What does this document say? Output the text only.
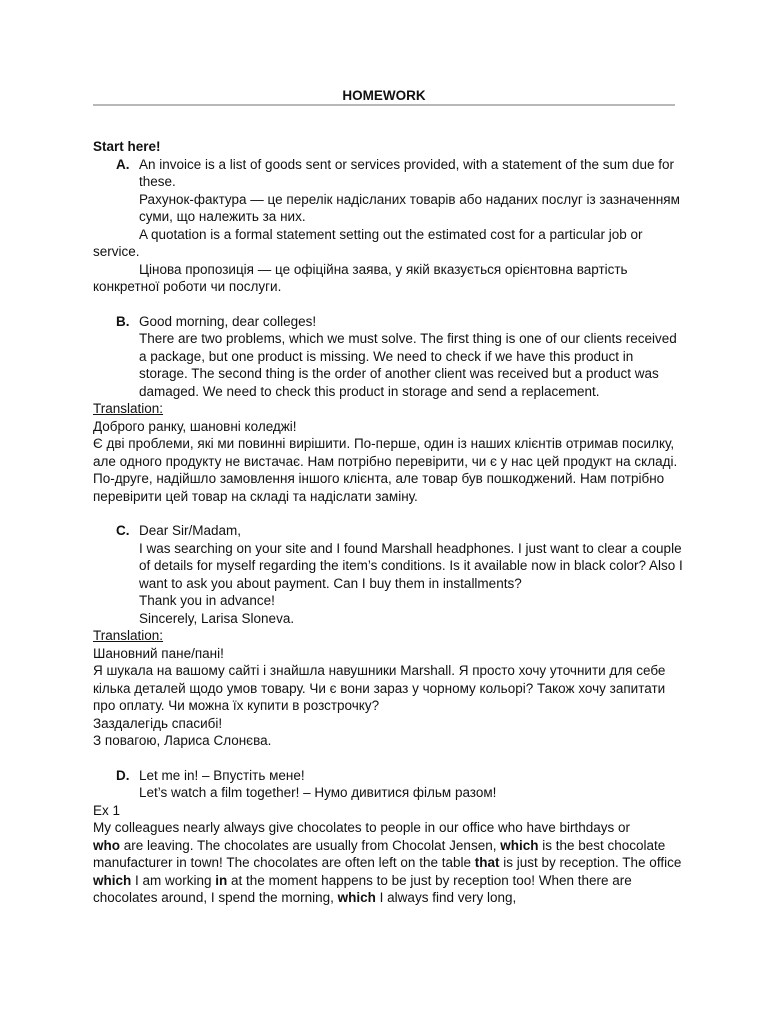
HOMEWORK

Start here!

A. An invoice is a list of goods sent or services provided, with a statement of the sum due for these.

Рахунок-фактура — це перелік надісланих товарів або наданих послуг із зазначенням суми, що належить за них.

A quotation is a formal statement setting out the estimated cost for a particular job or
service.

Цінова пропозиція — це офіційна заява, у якій вказується орієнтовна вартість
конкретної роботи чи послуги.

B. Good morning, dear colleges!

There are two problems, which we must solve. The first thing is one of our clients received a package, but one product is missing. We need to check if we have this product in storage. The second thing is the order of another client was received but a product was damaged. We need to check this product in storage and send a replacement.

Translation:

Доброго ранку, шановні коледжі!

Є дві проблеми, які ми повинні вирішити. По-перше, один із наших клієнтів отримав посилку, але одного продукту не вистачає. Нам потрібно перевірити, чи є у нас цей продукт на складі. По-друге, надійшло замовлення іншого клієнта, але товар був пошкоджений. Нам потрібно перевірити цей товар на складі та надіслати заміну.

C. Dear Sir/Madam,

I was searching on your site and I found Marshall headphones. I just want to clear a couple of details for myself regarding the item’s conditions. Is it available now in black color? Also I want to ask you about payment. Can I buy them in installments?

Thank you in advance!

Sincerely, Larisa Sloneva.

Translation:

Шановний пане/пані!

Я шукала на вашому сайті і знайшла навушники Marshall. Я просто хочу уточнити для себе кілька деталей щодо умов товару. Чи є вони зараз у чорному кольорі? Також хочу запитати про оплату. Чи можна їх купити в розстрочку?

Заздалегідь спасибі!

З повагою, Лариса Слонєва.

D. Let me in! – Впустіть мене!

Let’s watch a film together! – Нумо дивитися фільм разом!

Ex 1

My colleagues nearly always give chocolates to people in our office who have birthdays or
who are leaving. The chocolates are usually from Chocolat Jensen, which is the best chocolate manufacturer in town! The chocolates are often left on the table that is just by reception. The office which I am working in at the moment happens to be just by reception too! When there are chocolates around, I spend the morning, which I always find very long,
